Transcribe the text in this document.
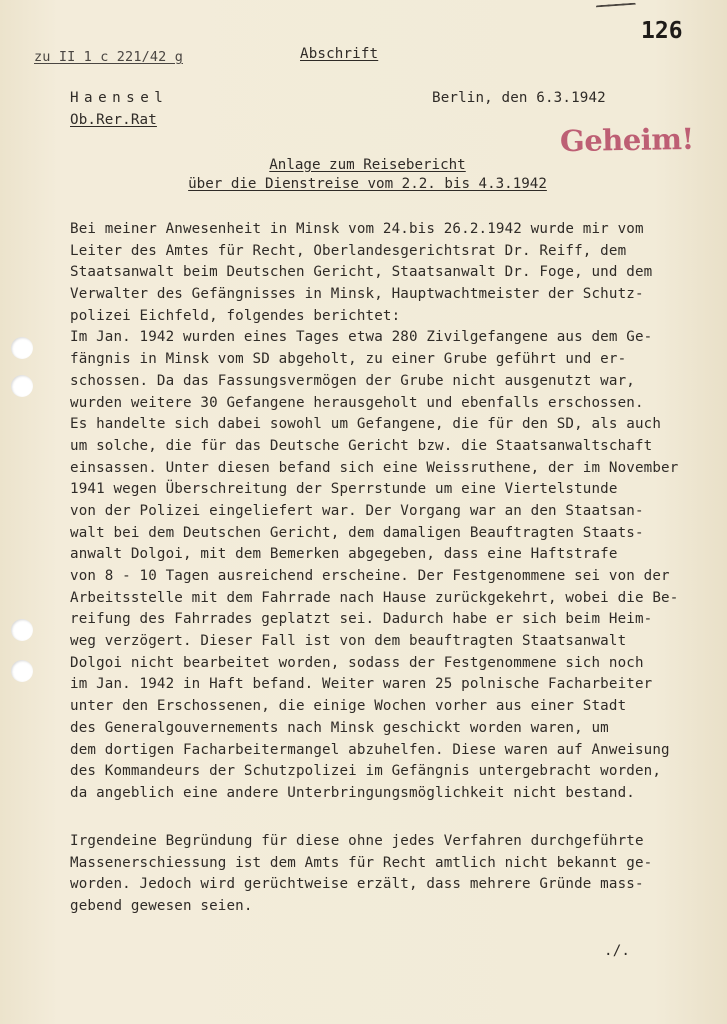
126
zu II 1 c 221/42 g	Abschrift
Haensel
Ob.Rer.Rat
Berlin, den 6.3.1942
Geheim!
Anlage zum Reisebericht
über die Dienstreise vom 2.2. bis 4.3.1942
Bei meiner Anwesenheit in Minsk vom 24.bis 26.2.1942 wurde mir vom
Leiter des Amtes für Recht, Oberlandesgerichtsrat Dr. Reiff, dem
Staatsanwalt beim Deutschen Gericht, Staatsanwalt Dr. Foge, und dem
Verwalter des Gefängnisses in Minsk, Hauptwachtmeister der Schutz-
polizei Eichfeld, folgendes berichtet:
Im Jan. 1942 wurden eines Tages etwa 280 Zivilgefangene aus dem Ge-
fängnis in Minsk vom SD abgeholt, zu einer Grube geführt und er-
schossen. Da das Fassungsvermögen der Grube nicht ausgenutzt war,
wurden weitere 30 Gefangene herausgeholt und ebenfalls erschossen.
Es handelte sich dabei sowohl um Gefangene, die für den SD, als auch
um solche, die für das Deutsche Gericht bzw. die Staatsanwaltschaft
einsassen. Unter diesen befand sich eine Weissruthene, der im November
1941 wegen Überschreitung der Sperrstunde um eine Viertelstunde
von der Polizei eingeliefert war. Der Vorgang war an den Staatsan-
walt bei dem Deutschen Gericht, dem damaligen Beauftragten Staats-
anwalt Dolgoi, mit dem Bemerken abgegeben, dass eine Haftstrafe
von 8 - 10 Tagen ausreichend erscheine. Der Festgenommene sei von der
Arbeitsstelle mit dem Fahrrade nach Hause zurückgekehrt, wobei die Be-
reifung des Fahrrades geplatzt sei. Dadurch habe er sich beim Heim-
weg verzögert. Dieser Fall ist von dem beauftragten Staatsanwalt
Dolgoi nicht bearbeitet worden, sodass der Festgenommene sich noch
im Jan. 1942 in Haft befand. Weiter waren 25 polnische Facharbeiter
unter den Erschossenen, die einige Wochen vorher aus einer Stadt
des Generalgouvernements nach Minsk geschickt worden waren, um
dem dortigen Facharbeitermangel abzuhelfen. Diese waren auf Anweisung
des Kommandeurs der Schutzpolizei im Gefängnis untergebracht worden,
da angeblich eine andere Unterbringungsmöglichkeit nicht bestand.
Irgendeine Begründung für diese ohne jedes Verfahren durchgeführte
Massenerschiessung ist dem Amts für Recht amtlich nicht bekannt ge-
worden. Jedoch wird gerüchtweise erzält, dass mehrere Gründe mass-
gebend gewesen seien.
./.
